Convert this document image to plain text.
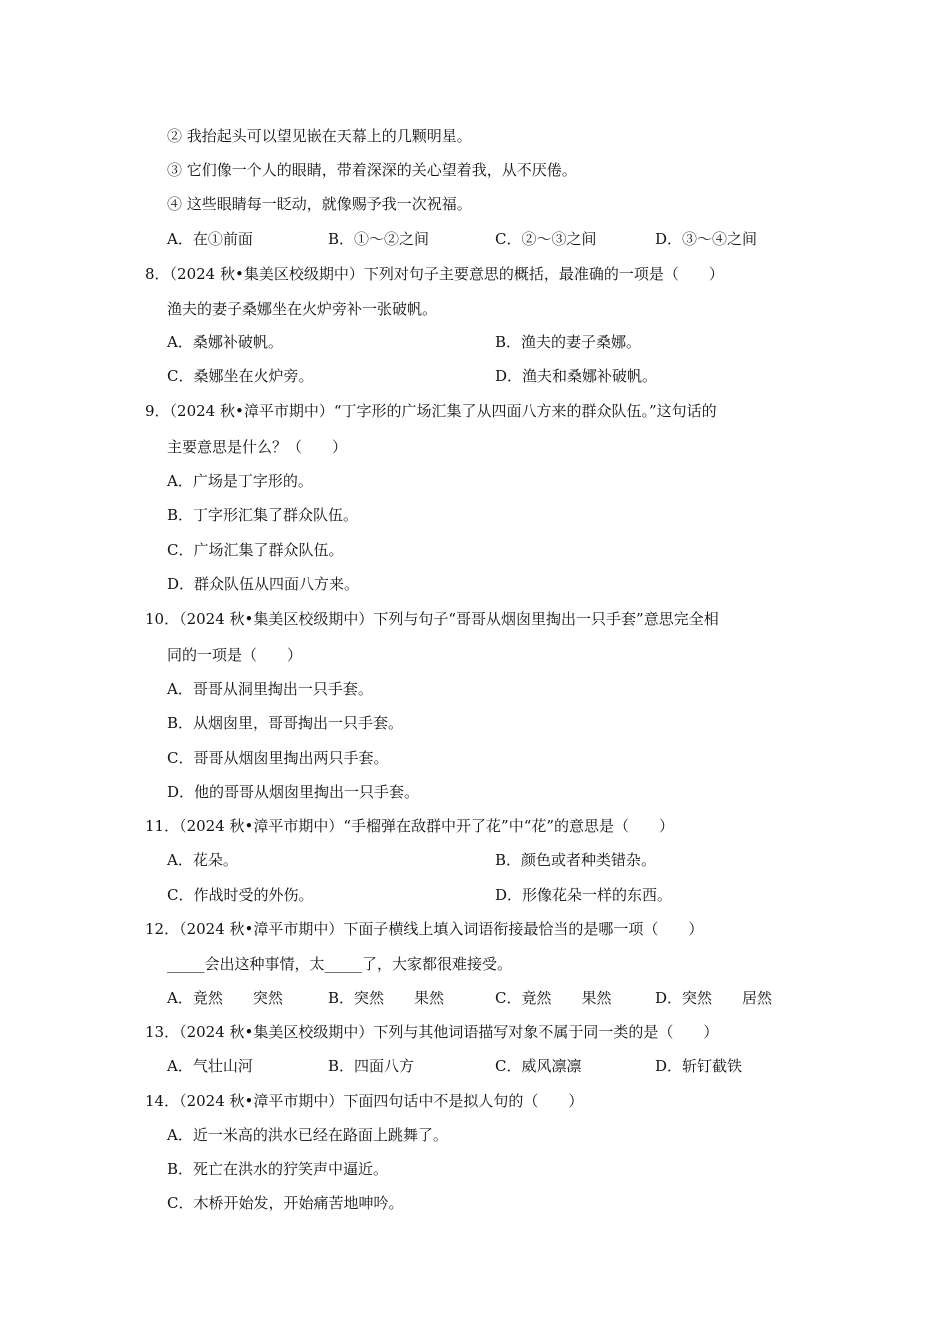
② 我抬起头可以望见嵌在天幕上的几颗明星。
③ 它们像一个人的眼睛，带着深深的关心望着我，从不厌倦。
④ 这些眼睛每一眨动，就像赐予我一次祝福。
A．在①前面	B．①～②之间	C．②～③之间	D．③～④之间
8．（2024 秋•集美区校级期中）下列对句子主要意思的概括，最准确的一项是（　　）
渔夫的妻子桑娜坐在火炉旁补一张破帆。
A．桑娜补破帆。	B．渔夫的妻子桑娜。
C．桑娜坐在火炉旁。	D．渔夫和桑娜补破帆。
9．（2024 秋•漳平市期中）“丁字形的广场汇集了从四面八方来的群众队伍。”这句话的
主要意思是什么？（　　）
A．广场是丁字形的。
B．丁字形汇集了群众队伍。
C．广场汇集了群众队伍。
D．群众队伍从四面八方来。
10．（2024 秋•集美区校级期中）下列与句子“哥哥从烟囱里掏出一只手套”意思完全相
同的一项是（　　）
A．哥哥从洞里掏出一只手套。
B．从烟囱里，哥哥掏出一只手套。
C．哥哥从烟囱里掏出两只手套。
D．他的哥哥从烟囱里掏出一只手套。
11．（2024 秋•漳平市期中）“手榴弹在敌群中开了花”中“花”的意思是（　　）
A．花朵。	B．颜色或者种类错杂。
C．作战时受的外伤。	D．形像花朵一样的东西。
12．（2024 秋•漳平市期中）下面子横线上填入词语衔接最恰当的是哪一项（　　）
_____会出这种事情，太_____了，大家都很难接受。
A．竟然　　突然	B．突然　　果然	C．竟然　　果然	D．突然　　居然
13．（2024 秋•集美区校级期中）下列与其他词语描写对象不属于同一类的是（　　）
A．气壮山河	B．四面八方	C．威风凛凛	D．斩钉截铁
14．（2024 秋•漳平市期中）下面四句话中不是拟人句的（　　）
A．近一米高的洪水已经在路面上跳舞了。
B．死亡在洪水的狞笑声中逼近。
C．木桥开始发，开始痛苦地呻吟。
